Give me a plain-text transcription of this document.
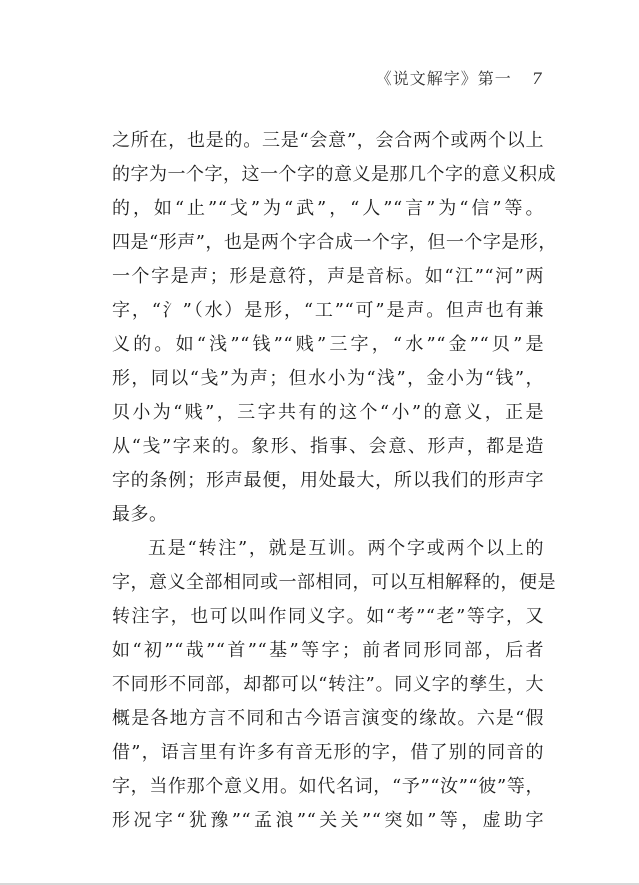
《说文解字》第一 7
之所在，也是的。三是“会意”，会合两个或两个以上
的字为一个字，这一个字的意义是那几个字的意义积成
的，如“止”“戈”为“武”，“人”“言”为“信”等。
四是“形声”，也是两个字合成一个字，但一个字是形，
一个字是声；形是意符，声是音标。如“江”“河”两
字，“氵”（水）是形，“工”“可”是声。但声也有兼
义的。如“浅”“钱”“贱”三字，“水”“金”“贝”是
形，同以“戋”为声；但水小为“浅”，金小为“钱”，
贝小为“贱”，三字共有的这个“小”的意义，正是
从“戋”字来的。象形、指事、会意、形声，都是造
字的条例；形声最便，用处最大，所以我们的形声字
最多。
五是“转注”，就是互训。两个字或两个以上的
字，意义全部相同或一部相同，可以互相解释的，便是
转注字，也可以叫作同义字。如“考”“老”等字，又
如“初”“哉”“首”“基”等字；前者同形同部，后者
不同形不同部，却都可以“转注”。同义字的孳生，大
概是各地方言不同和古今语言演变的缘故。六是“假
借”，语言里有许多有音无形的字，借了别的同音的
字，当作那个意义用。如代名词，“予”“汝”“彼”等，
形况字“犹豫”“孟浪”“关关”“突如”等，虚助字
